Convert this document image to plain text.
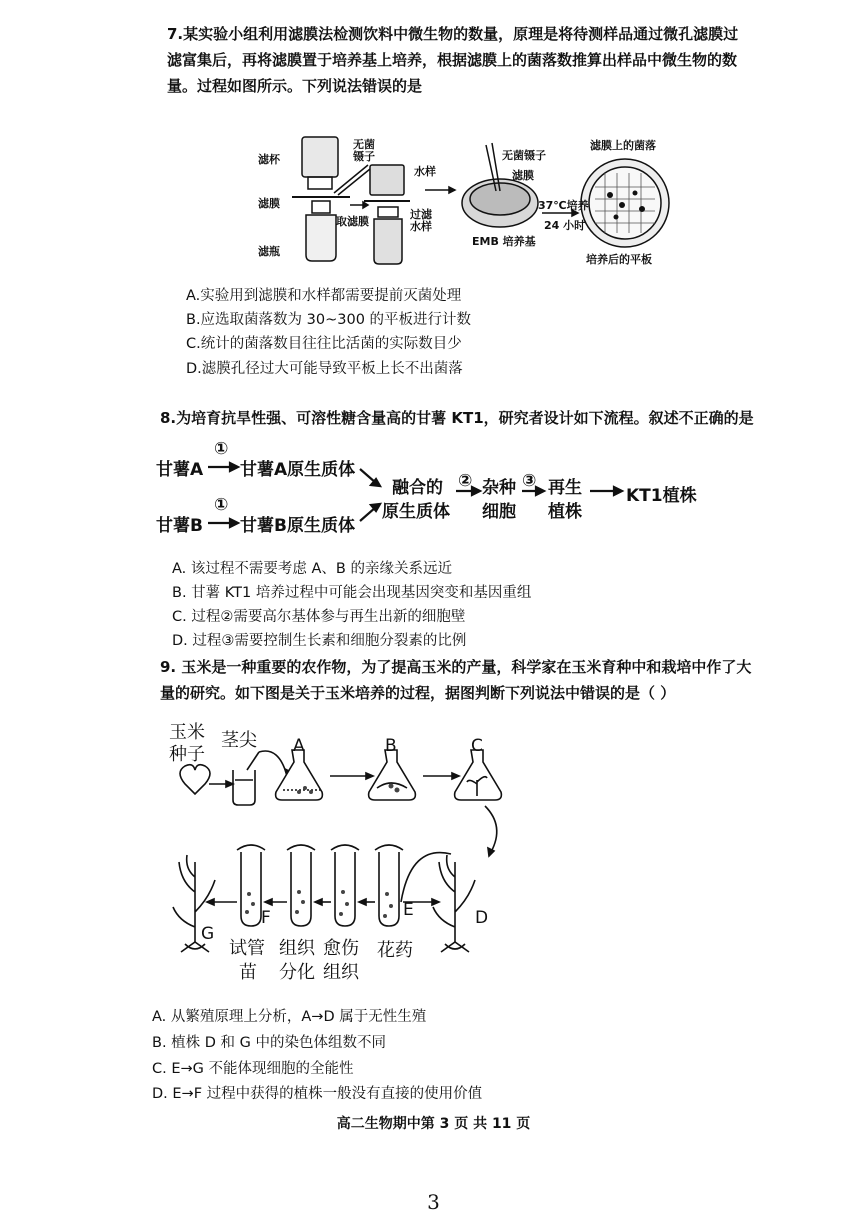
7.某实验小组利用滤膜法检测饮料中微生物的数量，原理是将待测样品通过微孔滤膜过
滤富集后，再将滤膜置于培养基上培养，根据滤膜上的菌落数推算出样品中微生物的数
量。过程如图所示。下列说法错误的是
滤杯
滤膜
滤瓶
无菌镊子
水样
取滤膜
过滤水样
无菌镊子
滤膜
EMB 培养基
37℃培养
24 小时
滤膜上的菌落
培养后的平板
A.实验用到滤膜和水样都需要提前灭菌处理
B.应选取菌落数为 30~300 的平板进行计数
C.统计的菌落数目往往比活菌的实际数目少
D.滤膜孔径过大可能导致平板上长不出菌落
8.为培育抗旱性强、可溶性糖含量高的甘薯 KT1，研究者设计如下流程。叙述不正确的是
甘薯A
①
甘薯A原生质体
甘薯B
①
甘薯B原生质体
融合的
原生质体
② 杂种
细胞
③ 再生
植株
KT1植株
A. 该过程不需要考虑 A、B 的亲缘关系远近
B. 甘薯 KT1 培养过程中可能会出现基因突变和基因重组
C. 过程②需要高尔基体参与再生出新的细胞壁
D. 过程③需要控制生长素和细胞分裂素的比例
9. 玉米是一种重要的农作物，为了提高玉米的产量，科学家在玉米育种中和栽培中作了大
量的研究。如下图是关于玉米培养的过程，据图判断下列说法中错误的是（ ）
玉米
种子
茎尖 A	B	C
D
E
F
G
试管
苗
组织
分化
愈伤
组织
花药
A. 从繁殖原理上分析，A→D 属于无性生殖
B. 植株 D 和 G 中的染色体组数不同
C. E→G 不能体现细胞的全能性
D. E→F 过程中获得的植株一般没有直接的使用价值
高二生物期中第 3 页 共 11 页
3
